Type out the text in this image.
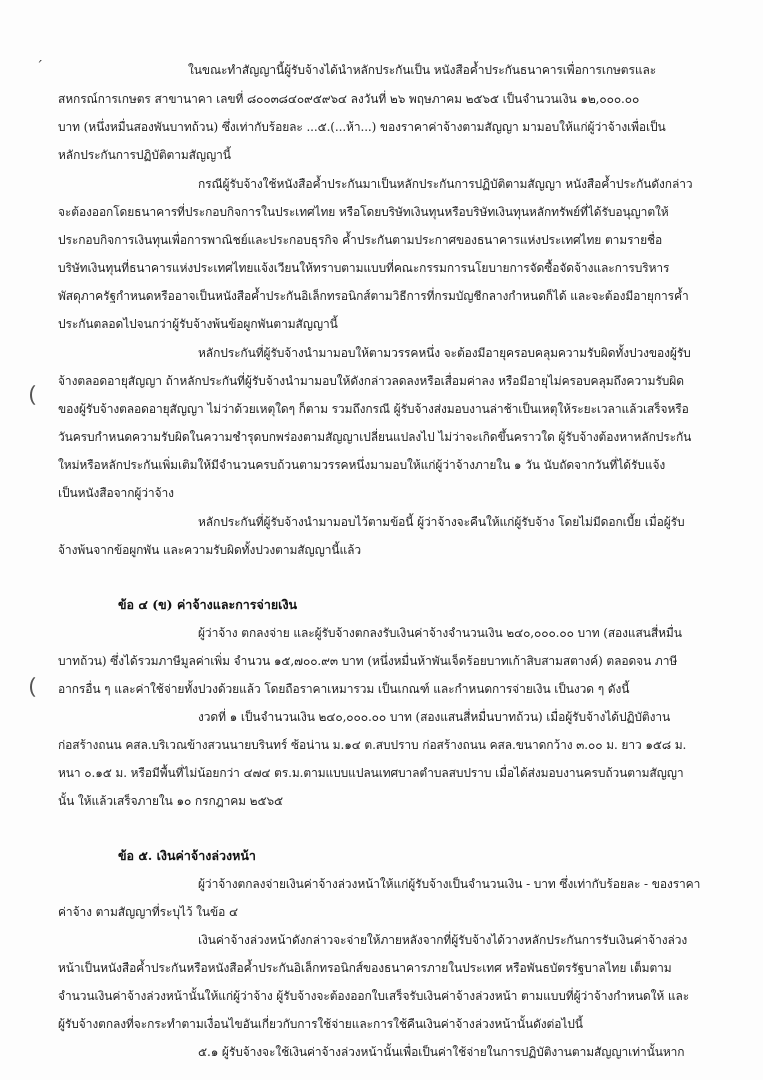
ˊ	ในขณะทำสัญญานี้ผู้รับจ้างได้นำหลักประกันเป็น หนังสือค้ำประกันธนาคารเพื่อการเกษตรและ
สหกรณ์การเกษตร สาขานาคา เลขที่ ๘๐๐๓๘๔๐๙๕๙๖๔ ลงวันที่ ๒๖ พฤษภาคม ๒๕๖๕ เป็นจำนวนเงิน ๑๒,๐๐๐.๐๐
บาท (หนึ่งหมื่นสองพันบาทถ้วน) ซึ่งเท่ากับร้อยละ ...๕.(...ห้า...) ของราคาค่าจ้างตามสัญญา มามอบให้แก่ผู้ว่าจ้างเพื่อเป็น
หลักประกันการปฏิบัติตามสัญญานี้
กรณีผู้รับจ้างใช้หนังสือค้ำประกันมาเป็นหลักประกันการปฏิบัติตามสัญญา หนังสือค้ำประกันดังกล่าว
จะต้องออกโดยธนาคารที่ประกอบกิจการในประเทศไทย หรือโดยบริษัทเงินทุนหรือบริษัทเงินทุนหลักทรัพย์ที่ได้รับอนุญาตให้
ประกอบกิจการเงินทุนเพื่อการพาณิชย์และประกอบธุรกิจ ค้ำประกันตามประกาศของธนาคารแห่งประเทศไทย ตามรายชื่อ
บริษัทเงินทุนที่ธนาคารแห่งประเทศไทยแจ้งเวียนให้ทราบตามแบบที่คณะกรรมการนโยบายการจัดซื้อจัดจ้างและการบริหาร
พัสดุภาครัฐกำหนดหรืออาจเป็นหนังสือค้ำประกันอิเล็กทรอนิกส์ตามวิธีการที่กรมบัญชีกลางกำหนดก็ได้ และจะต้องมีอายุการค้ำ
ประกันตลอดไปจนกว่าผู้รับจ้างพ้นข้อผูกพันตามสัญญานี้
หลักประกันที่ผู้รับจ้างนำมามอบให้ตามวรรคหนึ่ง จะต้องมีอายุครอบคลุมความรับผิดทั้งปวงของผู้รับ
จ้างตลอดอายุสัญญา ถ้าหลักประกันที่ผู้รับจ้างนำมามอบให้ดังกล่าวลดลงหรือเสื่อมค่าลง หรือมีอายุไม่ครอบคลุมถึงความรับผิด
ของผู้รับจ้างตลอดอายุสัญญา ไม่ว่าด้วยเหตุใดๆ ก็ตาม รวมถึงกรณี ผู้รับจ้างส่งมอบงานล่าช้าเป็นเหตุให้ระยะเวลาแล้วเสร็จหรือ
วันครบกำหนดความรับผิดในความชำรุดบกพร่องตามสัญญาเปลี่ยนแปลงไป ไม่ว่าจะเกิดขึ้นคราวใด ผู้รับจ้างต้องหาหลักประกัน
ใหม่หรือหลักประกันเพิ่มเติมให้มีจำนวนครบถ้วนตามวรรคหนึ่งมามอบให้แก่ผู้ว่าจ้างภายใน ๑ วัน นับถัดจากวันที่ได้รับแจ้ง
เป็นหนังสือจากผู้ว่าจ้าง
หลักประกันที่ผู้รับจ้างนำมามอบไว้ตามข้อนี้ ผู้ว่าจ้างจะคืนให้แก่ผู้รับจ้าง โดยไม่มีดอกเบี้ย เมื่อผู้รับ
จ้างพ้นจากข้อผูกพัน และความรับผิดทั้งปวงตามสัญญานี้แล้ว
ข้อ ๔ (ข) ค่าจ้างและการจ่ายเงิน
ผู้ว่าจ้าง ตกลงจ่าย และผู้รับจ้างตกลงรับเงินค่าจ้างจำนวนเงิน ๒๔๐,๐๐๐.๐๐ บาท (สองแสนสี่หมื่น
บาทถ้วน) ซึ่งได้รวมภาษีมูลค่าเพิ่ม จำนวน ๑๕,๗๐๐.๙๓ บาท (หนึ่งหมื่นห้าพันเจ็ดร้อยบาทเก้าสิบสามสตางค์) ตลอดจน ภาษี
อากรอื่น ๆ และค่าใช้จ่ายทั้งปวงด้วยแล้ว โดยถือราคาเหมารวม เป็นเกณฑ์ และกำหนดการจ่ายเงิน เป็นงวด ๆ ดังนี้
งวดที่ ๑ เป็นจำนวนเงิน ๒๔๐,๐๐๐.๐๐ บาท (สองแสนสี่หมื่นบาทถ้วน) เมื่อผู้รับจ้างได้ปฏิบัติงาน
ก่อสร้างถนน คสล.บริเวณข้างสวนนายบรินทร์ ซ้อน่าน ม.๑๔ ต.สบปราบ ก่อสร้างถนน คสล.ขนาดกว้าง ๓.๐๐ ม. ยาว ๑๕๘ ม.
หนา ๐.๑๕ ม. หรือมีพื้นที่ไม่น้อยกว่า ๔๗๔ ตร.ม.ตามแบบแปลนเทศบาลตำบลสบปราบ เมื่อได้ส่งมอบงานครบถ้วนตามสัญญา
นั้น ให้แล้วเสร็จภายใน ๑๐ กรกฎาคม ๒๕๖๕
ข้อ ๕. เงินค่าจ้างล่วงหน้า
ผู้ว่าจ้างตกลงจ่ายเงินค่าจ้างล่วงหน้าให้แก่ผู้รับจ้างเป็นจำนวนเงิน - บาท ซึ่งเท่ากับร้อยละ - ของราคา
ค่าจ้าง ตามสัญญาที่ระบุไว้ ในข้อ ๔
เงินค่าจ้างล่วงหน้าดังกล่าวจะจ่ายให้ภายหลังจากที่ผู้รับจ้างได้วางหลักประกันการรับเงินค่าจ้างล่วง
หน้าเป็นหนังสือค้ำประกันหรือหนังสือค้ำประกันอิเล็กทรอนิกส์ของธนาคารภายในประเทศ หรือพันธบัตรรัฐบาลไทย เต็มตาม
จำนวนเงินค่าจ้างล่วงหน้านั้นให้แก่ผู้ว่าจ้าง ผู้รับจ้างจะต้องออกใบเสร็จรับเงินค่าจ้างล่วงหน้า ตามแบบที่ผู้ว่าจ้างกำหนดให้ และ
ผู้รับจ้างตกลงที่จะกระทำตามเงื่อนไขอันเกี่ยวกับการใช้จ่ายและการใช้คืนเงินค่าจ้างล่วงหน้านั้นดังต่อไปนี้
๕.๑ ผู้รับจ้างจะใช้เงินค่าจ้างล่วงหน้านั้นเพื่อเป็นค่าใช้จ่ายในการปฏิบัติงานตามสัญญาเท่านั้นหาก
